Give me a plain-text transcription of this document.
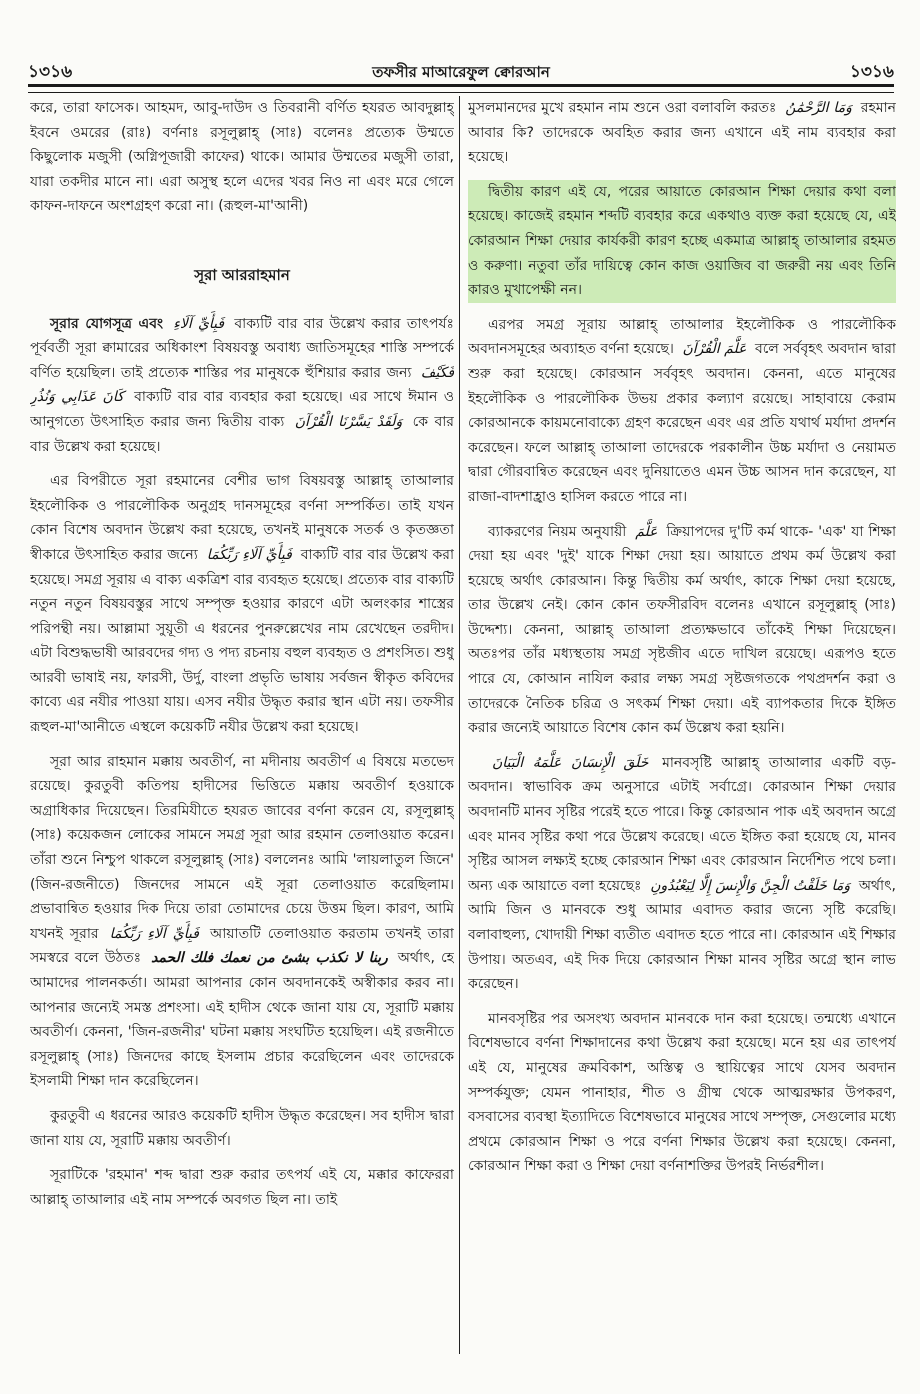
১৩১৬	তফসীর মাআরেফুল ক্বোরআন	১৩১৬

করে, তারা ফাসেক। আহমদ, আবু-দাউদ ও তিবরানী বর্ণিত হযরত আবদুল্লাহ্ ইবনে ওমরের (রাঃ) বর্ণনাঃ রসূলুল্লাহ্ (সাঃ) বলেনঃ প্রত্যেক উম্মতে কিছুলোক মজুসী (অগ্নিপূজারী কাফের) থাকে। আমার উম্মতের মজুসী তারা, যারা তকদীর মানে না। এরা অসুস্থ হলে এদের খবর নিও না এবং মরে গেলে কাফন-দাফনে অংশগ্রহণ করো না। (রূহুল-মা'আনী)

সূরা আররাহমান

সূরার যোগসূত্র এবং فَبِأَيِّ آلَاءِ বাক্যটি বার বার উল্লেখ করার তাৎপর্যঃ পূর্ববর্তী সূরা ক্বামারের অধিকাংশ বিষয়বস্তু অবাধ্য জাতিসমূহের শাস্তি সম্পর্কে বর্ণিত হয়েছিল। তাই প্রত্যেক শাস্তির পর মানুষকে হুঁশিয়ার করার জন্য فَكَيْفَ كَانَ عَذَابِي وَنُذُرِ বাক্যটি বার বার ব্যবহার করা হয়েছে। এর সাথে ঈমান ও আনুগত্যে উৎসাহিত করার জন্য দ্বিতীয় বাক্য وَلَقَدْ يَسَّرْنَا الْقُرْآنَ কে বার বার উল্লেখ করা হয়েছে।

এর বিপরীতে সূরা রহমানের বেশীর ভাগ বিষয়বস্তু আল্লাহ্ তাআলার ইহলৌকিক ও পারলৌকিক অনুগ্রহ দানসমূহের বর্ণনা সম্পর্কিত। তাই যখন কোন বিশেষ অবদান উল্লেখ করা হয়েছে, তখনই মানুষকে সতর্ক ও কৃতজ্ঞতা স্বীকারে উৎসাহিত করার জন্যে فَبِأَيِّ آلَاءِ رَبِّكُمَا বাক্যটি বার বার উল্লেখ করা হয়েছে। সমগ্র সূরায় এ বাক্য একত্রিশ বার ব্যবহৃত হয়েছে। প্রত্যেক বার বাক্যটি নতুন নতুন বিষয়বস্তুর সাথে সম্পৃক্ত হওয়ার কারণে এটা অলংকার শাস্ত্রের পরিপন্থী নয়। আল্লামা সুয়ূতী এ ধরনের পুনরুল্লেখের নাম রেখেছেন তরদীদ। এটা বিশুদ্ধভাষী আরবদের গদ্য ও পদ্য রচনায় বহুল ব্যবহৃত ও প্রশংসিত। শুধু আরবী ভাষাই নয়, ফারসী, উর্দু, বাংলা প্রভৃতি ভাষায় সর্বজন স্বীকৃত কবিদের কাব্যে এর নযীর পাওয়া যায়। এসব নযীর উদ্ধৃত করার স্থান এটা নয়। তফসীর রূহুল-মা'আনীতে এস্থলে কয়েকটি নযীর উল্লেখ করা হয়েছে।

সূরা আর রাহমান মক্কায় অবতীর্ণ, না মদীনায় অবতীর্ণ এ বিষয়ে মতভেদ রয়েছে। কুরতুবী কতিপয় হাদীসের ভিত্তিতে মক্কায় অবতীর্ণ হওয়াকে অগ্রাধিকার দিয়েছেন। তিরমিযীতে হযরত জাবের বর্ণনা করেন যে, রসূলুল্লাহ্ (সাঃ) কয়েকজন লোকের সামনে সমগ্র সূরা আর রহমান তেলাওয়াত করেন। তাঁরা শুনে নিশ্চুপ থাকলে রসূলুল্লাহ্ (সাঃ) বললেনঃ আমি 'লায়লাতুল জিনে' (জিন-রজনীতে) জিনদের সামনে এই সূরা তেলাওয়াত করেছিলাম। প্রভাবান্বিত হওয়ার দিক দিয়ে তারা তোমাদের চেয়ে উত্তম ছিল। কারণ, আমি যখনই সূরার فَبِأَيِّ آلَاءِ رَبِّكُمَا আয়াতটি তেলাওয়াত করতাম তখনই তারা সমস্বরে বলে উঠতঃ ربنا لا نكذب بشئ من نعمك فلك الحمد অর্থাৎ, হে আমাদের পালনকর্তা। আমরা আপনার কোন অবদানকেই অস্বীকার করব না। আপনার জন্যেই সমস্ত প্রশংসা। এই হাদীস থেকে জানা যায় যে, সূরাটি মক্কায় অবতীর্ণ। কেননা, 'জিন-রজনীর' ঘটনা মক্কায় সংঘটিত হয়েছিল। এই রজনীতে রসূলুল্লাহ্ (সাঃ) জিনদের কাছে ইসলাম প্রচার করেছিলেন এবং তাদেরকে ইসলামী শিক্ষা দান করেছিলেন।

কুরতুবী এ ধরনের আরও কয়েকটি হাদীস উদ্ধৃত করেছেন। সব হাদীস দ্বারা জানা যায় যে, সূরাটি মক্কায় অবতীর্ণ।

সূরাটিকে 'রহমান' শব্দ দ্বারা শুরু করার তৎপর্য এই যে, মক্কার কাফেররা আল্লাহ্ তাআলার এই নাম সম্পর্কে অবগত ছিল না। তাই

মুসলমানদের মুখে রহমান নাম শুনে ওরা বলাবলি করতঃ وَمَا الرَّحْمَٰنُ রহমান আবার কি? তাদেরকে অবহিত করার জন্য এখানে এই নাম ব্যবহার করা হয়েছে।

দ্বিতীয় কারণ এই যে, পরের আয়াতে কোরআন শিক্ষা দেয়ার কথা বলা হয়েছে। কাজেই রহমান শব্দটি ব্যবহার করে একথাও ব্যক্ত করা হয়েছে যে, এই কোরআন শিক্ষা দেয়ার কার্যকরী কারণ হচ্ছে একমাত্র আল্লাহ্ তাআলার রহমত ও করুণা। নতুবা তাঁর দায়িত্বে কোন কাজ ওয়াজিব বা জরুরী নয় এবং তিনি কারও মুখাপেক্ষী নন।

এরপর সমগ্র সূরায় আল্লাহ্ তাআলার ইহলৌকিক ও পারলৌকিক অবদানসমূহের অব্যাহত বর্ণনা হয়েছে। عَلَّمَ الْقُرْآنَ বলে সর্ববৃহৎ অবদান দ্বারা শুরু করা হয়েছে। কোরআন সর্ববৃহৎ অবদান। কেননা, এতে মানুষের ইহলৌকিক ও পারলৌকিক উভয় প্রকার কল্যাণ রয়েছে। সাহাবায়ে কেরাম কোরআনকে কায়মনোবাক্যে গ্রহণ করেছেন এবং এর প্রতি যথার্থ মর্যাদা প্রদর্শন করেছেন। ফলে আল্লাহ্ তাআলা তাদেরকে পরকালীন উচ্চ মর্যাদা ও নেয়ামত দ্বারা গৌরবান্বিত করেছেন এবং দুনিয়াতেও এমন উচ্চ আসন দান করেছেন, যা রাজা-বাদশাহ্রাও হাসিল করতে পারে না।

ব্যাকরণের নিয়ম অনুযায়ী عَلَّمَ ক্রিয়াপদের দু'টি কর্ম থাকে- 'এক' যা শিক্ষা দেয়া হয় এবং 'দুই' যাকে শিক্ষা দেয়া হয়। আয়াতে প্রথম কর্ম উল্লেখ করা হয়েছে অর্থাৎ কোরআন। কিন্তু দ্বিতীয় কর্ম অর্থাৎ, কাকে শিক্ষা দেয়া হয়েছে, তার উল্লেখ নেই। কোন কোন তফসীরবিদ বলেনঃ এখানে রসূলুল্লাহ্ (সাঃ) উদ্দেশ্য। কেননা, আল্লাহ্ তাআলা প্রত্যক্ষভাবে তাঁকেই শিক্ষা দিয়েছেন। অতঃপর তাঁর মধ্যস্থতায় সমগ্র সৃষ্টজীব এতে দাখিল রয়েছে। এরূপও হতে পারে যে, কোআন নাযিল করার লক্ষ্য সমগ্র সৃষ্টজগতকে পথপ্রদর্শন করা ও তাদেরকে নৈতিক চরিত্র ও সৎকর্ম শিক্ষা দেয়া। এই ব্যাপকতার দিকে ইঙ্গিত করার জন্যেই আয়াতে বিশেষ কোন কর্ম উল্লেখ করা হয়নি।

خَلَقَ الْإِنسَانَ عَلَّمَهُ الْبَيَانَ মানবসৃষ্টি আল্লাহ্ তাআলার একটি বড়- অবদান। স্বাভাবিক ক্রম অনুসারে এটাই সর্বাগ্রে। কোরআন শিক্ষা দেয়ার অবদানটি মানব সৃষ্টির পরেই হতে পারে। কিন্তু কোরআন পাক এই অবদান অগ্রে এবং মানব সৃষ্টির কথা পরে উল্লেখ করেছে। এতে ইঙ্গিত করা হয়েছে যে, মানব সৃষ্টির আসল লক্ষ্যই হচ্ছে কোরআন শিক্ষা এবং কোরআন নির্দেশিত পথে চলা। অন্য এক আয়াতে বলা হয়েছেঃ وَمَا خَلَقْتُ الْجِنَّ وَالْإِنسَ إِلَّا لِيَعْبُدُونِ অর্থাৎ, আমি জিন ও মানবকে শুধু আমার এবাদত করার জন্যে সৃষ্টি করেছি। বলাবাহুল্য, খোদায়ী শিক্ষা ব্যতীত এবাদত হতে পারে না। কোরআন এই শিক্ষার উপায়। অতএব, এই দিক দিয়ে কোরআন শিক্ষা মানব সৃষ্টির অগ্রে স্থান লাভ করেছেন।

মানবসৃষ্টির পর অসংখ্য অবদান মানবকে দান করা হয়েছে। তন্মধ্যে এখানে বিশেষভাবে বর্ণনা শিক্ষাদানের কথা উল্লেখ করা হয়েছে। মনে হয় এর তাৎপর্য এই যে, মানুষের ক্রমবিকাশ, অস্তিত্ব ও স্থায়িত্বের সাথে যেসব অবদান সম্পর্কযুক্ত; যেমন পানাহার, শীত ও গ্রীষ্ম থেকে আত্মরক্ষার উপকরণ, বসবাসের ব্যবস্থা ইত্যাদিতে বিশেষভাবে মানুষের সাথে সম্পৃক্ত, সেগুলোর মধ্যে প্রথমে কোরআন শিক্ষা ও পরে বর্ণনা শিক্ষার উল্লেখ করা হয়েছে। কেননা, কোরআন শিক্ষা করা ও শিক্ষা দেয়া বর্ণনাশক্তির উপরই নির্ভরশীল।
